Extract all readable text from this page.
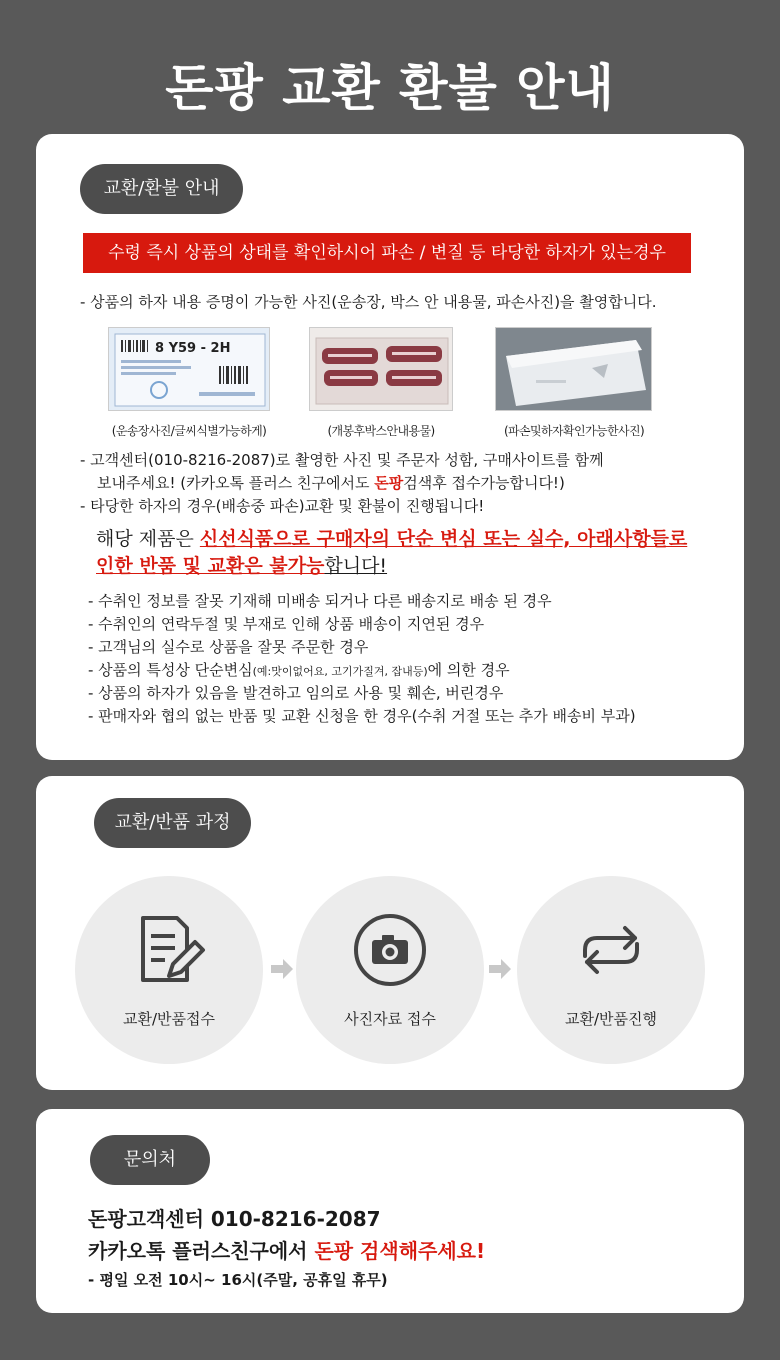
돈팡 교환 환불 안내
교환/환불 안내
수령 즉시 상품의 상태를 확인하시어 파손 / 변질 등 타당한 하자가 있는경우
- 상품의 하자 내용 증명이 가능한 사진(운송장, 박스 안 내용물, 파손사진)을 촬영합니다.
8 Y59 - 2H
(운송장사진/글씨식별가능하게)	(개봉후박스안내용물)	(파손및하자확인가능한사진)
- 고객센터(010-8216-2087)로 촬영한 사진 및 주문자 성함, 구매사이트를 함께
보내주세요! (카카오톡 플러스 친구에서도 돈팡검색후 접수가능합니다!)
- 타당한 하자의 경우(배송중 파손)교환 및 환불이 진행됩니다!
해당 제품은 신선식품으로 구매자의 단순 변심 또는 실수, 아래사항들로 인한 반품 및 교환은 불가능합니다!
- 수취인 정보를 잘못 기재해 미배송 되거나 다른 배송지로 배송 된 경우
- 수취인의 연락두절 및 부재로 인해 상품 배송이 지연된 경우
- 고객님의 실수로 상품을 잘못 주문한 경우
- 상품의 특성상 단순변심(예:맛이없어요, 고기가질겨, 잡내등)에 의한 경우
- 상품의 하자가 있음을 발견하고 임의로 사용 및 훼손, 버린경우
- 판매자와 협의 없는 반품 및 교환 신청을 한 경우(수취 거절 또는 추가 배송비 부과)
교환/반품 과정
교환/반품접수	사진자료 접수	교환/반품진행
문의처
돈팡고객센터 010-8216-2087
카카오톡 플러스친구에서 돈팡 검색해주세요!
- 평일 오전 10시~ 16시(주말, 공휴일 휴무)
